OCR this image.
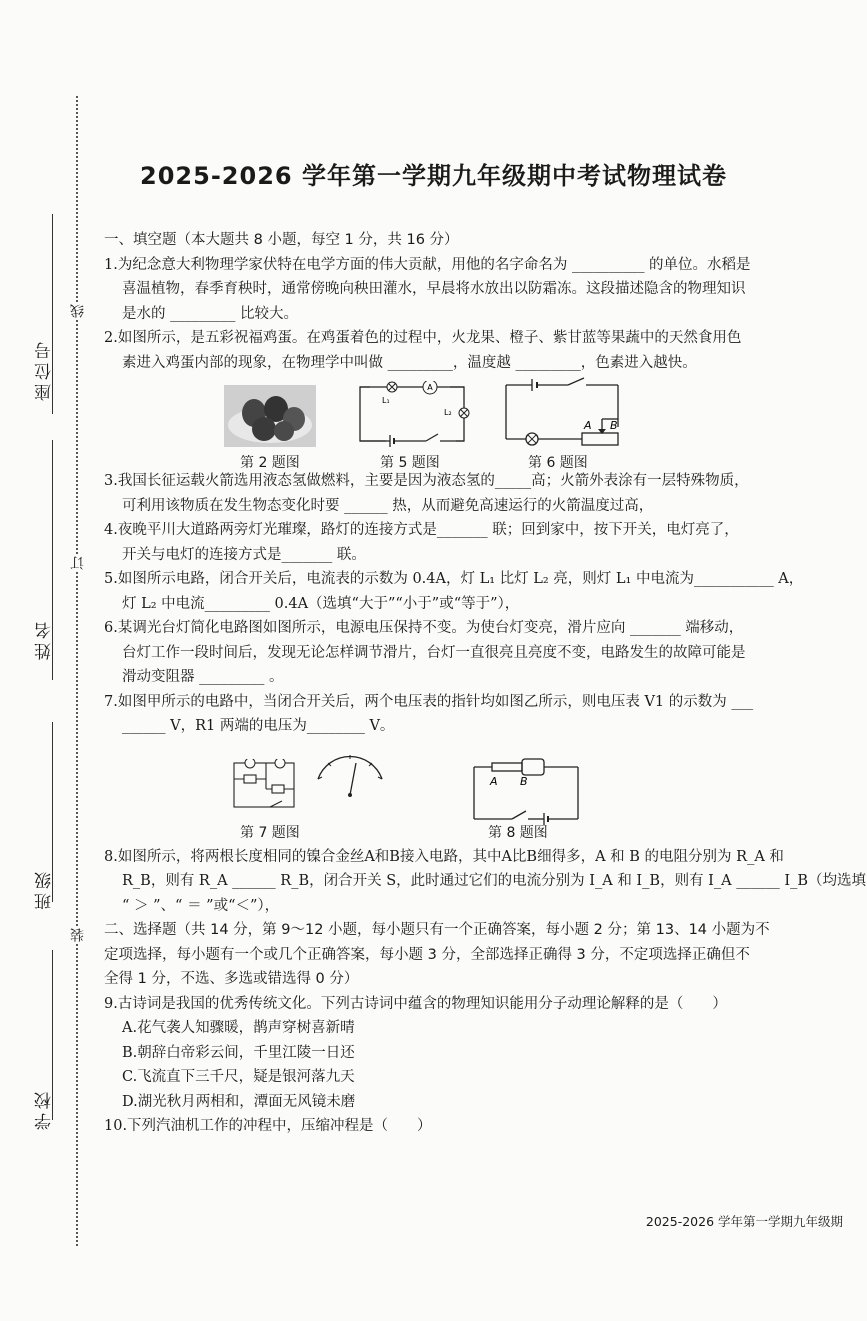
座位号
姓名
班级
学校
线
订
装
2025-2026 学年第一学期九年级期中考试物理试卷

一、填空题（本大题共 8 小题，每空 1 分，共 16 分）

1.为纪念意大利物理学家伏特在电学方面的伟大贡献，用他的名字命名为 __________ 的单位。水稻是

喜温植物，春季育秧时，通常傍晚向秧田灌水，早晨将水放出以防霜冻。这段描述隐含的物理知识

是水的 _________ 比较大。

2.如图所示，是五彩祝福鸡蛋。在鸡蛋着色的过程中，火龙果、橙子、紫甘蓝等果蔬中的天然食用色

素进入鸡蛋内部的现象，在物理学中叫做 _________，温度越 _________，色素进入越快。

A
L₁
L₂
A B
第 2 题图	第 5 题图	第 6 题图

3.我国长征运载火箭选用液态氢做燃料，主要是因为液态氢的_____高；火箭外表涂有一层特殊物质，

可利用该物质在发生物态变化时要 ______ 热，从而避免高速运行的火箭温度过高，

4.夜晚平川大道路两旁灯光璀璨，路灯的连接方式是_______ 联；回到家中，按下开关，电灯亮了，

开关与电灯的连接方式是_______ 联。

5.如图所示电路，闭合开关后，电流表的示数为 0.4A，灯 L₁ 比灯 L₂ 亮，则灯 L₁ 中电流为___________ A，

灯 L₂ 中电流_________ 0.4A（选填“大于”“小于”或“等于”），

6.某调光台灯简化电路图如图所示，电源电压保持不变。为使台灯变亮，滑片应向 _______ 端移动，

台灯工作一段时间后，发现无论怎样调节滑片，台灯一直很亮且亮度不变，电路发生的故障可能是

滑动变阻器 _________ 。

7.如图甲所示的电路中，当闭合开关后，两个电压表的指针均如图乙所示，则电压表 V1 的示数为 ___

______ V，R1 两端的电压为________ V。

A B
第 7 题图	第 8 题图

8.如图所示，将两根长度相同的镍合金丝A和B接入电路，其中A比B细得多，A 和 B 的电阻分别为 R_A 和

R_B，则有 R_A ______ R_B，闭合开关 S，此时通过它们的电流分别为 I_A 和 I_B，则有 I_A ______ I_B（均选填

“ ＞ ”、“ ＝ ”或“＜”），

二、选择题（共 14 分，第 9～12 小题，每小题只有一个正确答案，每小题 2 分；第 13、14 小题为不

定项选择，每小题有一个或几个正确答案，每小题 3 分，全部选择正确得 3 分，不定项选择正确但不

全得 1 分，不选、多选或错选得 0 分）

9.古诗词是我国的优秀传统文化。下列古诗词中蕴含的物理知识能用分子动理论解释的是（　　）

A.花气袭人知骤暖，鹊声穿树喜新晴

B.朝辞白帝彩云间，千里江陵一日还

C.飞流直下三千尺，疑是银河落九天

D.湖光秋月两相和，潭面无风镜未磨

10.下列汽油机工作的冲程中，压缩冲程是（　　）

2025-2026 学年第一学期九年级期
